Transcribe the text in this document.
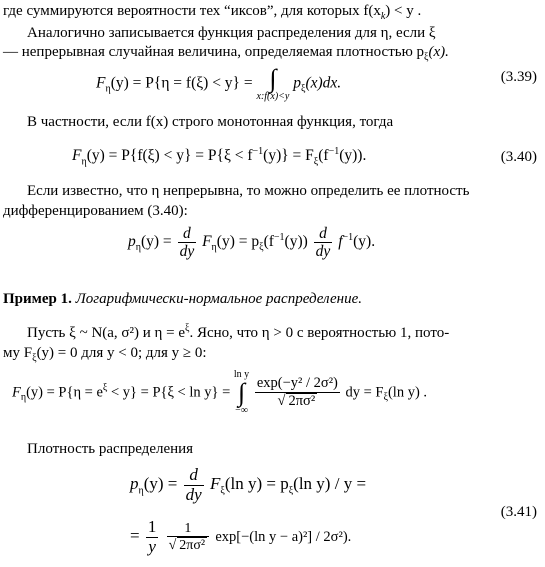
где суммируются вероятности тех “иксов”, для которых $f(x_k) < y$ .
Аналогично записывается функция распределения для η, если ξ
— непрерывная случайная величина, определяемая плотностью $p_\xi(x)$.
$F_\eta(y) = P\{\eta = f(\xi) < y\}$ = ∫
x:f(x)<y
$p_\xi(x)dx$.	(3.39)
В частности, если f(x) строго монотонная функция, тогда
$F_\eta(y) = P\{f(\xi) < y\} = P\{\xi < f^{-1}(y)\} = F_\xi(f^{-1}(y))$.	(3.40)
Если известно, что η непрерывна, то можно определить ее плотность
дифференцированием (3.40):
$p_\eta(y) = \frac{d}{dy} F_\eta(y) = p_\xi(f^{-1}(y)) \frac{d}{dy} f^{-1}(y)$.
Пример 1. Логарифмически-нормальное распределение.
Пусть ξ ~ N(a, σ²) и $\eta = e^\xi$. Ясно, что η > 0 с вероятностью 1, пото-
му $F_\xi(y) = 0$ для y < 0; для y ≥ 0:
$F_\eta(y) = P\{\eta = e^\xi < y\} = P\{\xi < \ln y\}$ =
ln y
∫
−∞

$\frac{\text{exp(−y² / 2σ²)}}{\text{√ 2πσ²}}$ dy = $F_\xi(\ln$ y) .
Плотность распределения
$p_\eta(y) = \frac{d}{dy} F_\xi(\ln$ $y) = p_\xi(\ln$ y) / y =
(3.41)
= $\frac{1}{y}$
$\frac{1}{\text{√ 2πσ²}} \exp[-(\ln$ y − a)²] / 2σ²).
